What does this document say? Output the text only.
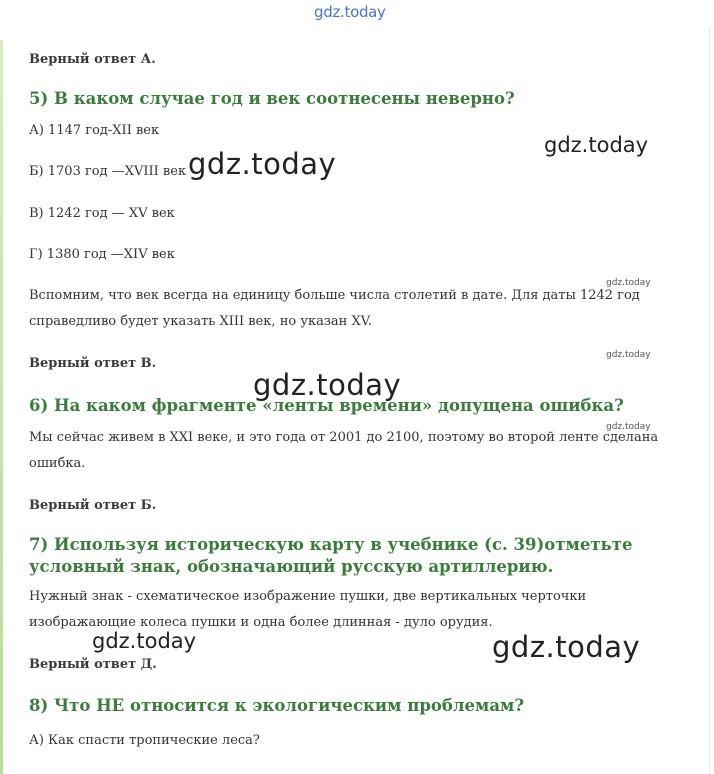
Верный ответ А.

5) В каком случае год и век соотнесены неверно?

А) 1147 год-XII век

Б) 1703 год —XVIII век

В) 1242 год — XV век

Г) 1380 год —XIV век

Вспомним, что век всегда на единицу больше числа столетий в дате. Для даты 1242 год справедливо будет указать XIII век, но указан XV.

Верный ответ В.

6) На каком фрагменте «ленты времени» допущена ошибка?

Мы сейчас живем в XXI веке, и это года от 2001 до 2100, поэтому во второй ленте сделана ошибка.

Верный ответ Б.

7) Используя историческую карту в учебнике (с. 39)отметьте условный знак, обозначающий русскую артиллерию.

Нужный знак - схематическое изображение пушки, две вертикальных черточки изображающие колеса пушки и одна более длинная - дуло орудия.

Верный ответ Д.

8) Что НЕ относится к экологическим проблемам?

А) Как спасти тропические леса?

gdz.today
gdz.today
gdz.today
gdz.today
gdz.today
gdz.today
gdz.today
gdz.today	gdz.today
